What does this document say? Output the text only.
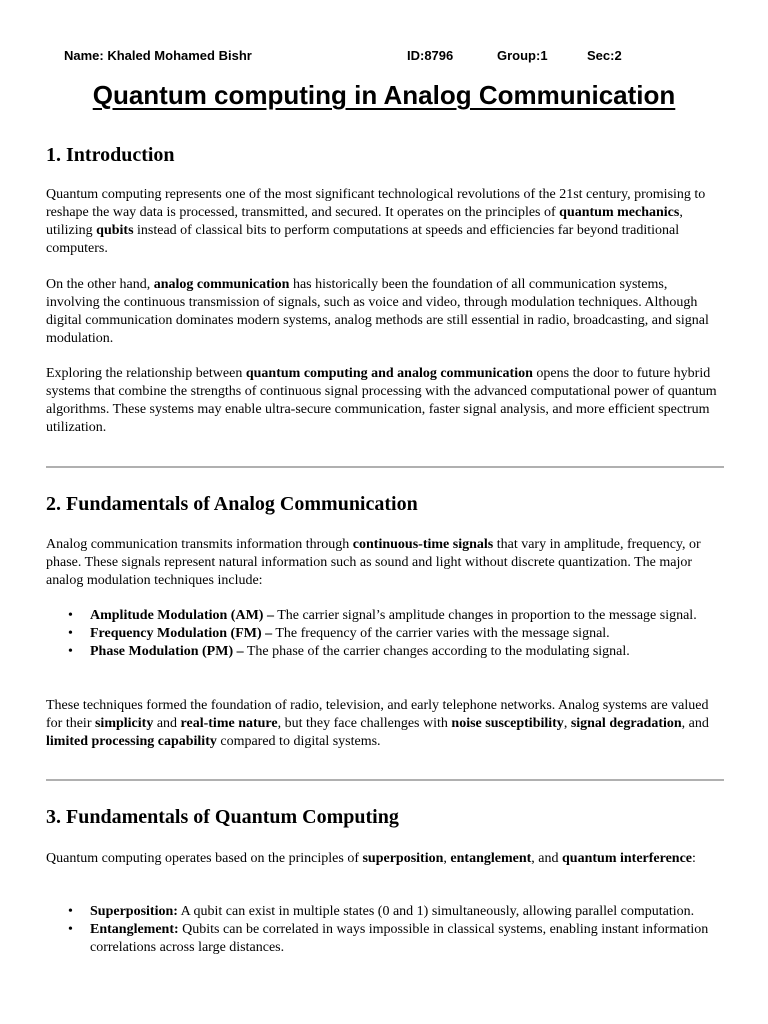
Name: Khaled Mohamed Bishr	ID:8796	Group:1	Sec:2
Quantum computing in Analog Communication
1. Introduction

Quantum computing represents one of the most significant technological revolutions of the 21st century, promising to reshape the way data is processed, transmitted, and secured. It operates on the principles of quantum mechanics, utilizing qubits instead of classical bits to perform computations at speeds and efficiencies far beyond traditional computers.

On the other hand, analog communication has historically been the foundation of all communication systems, involving the continuous transmission of signals, such as voice and video, through modulation techniques. Although digital communication dominates modern systems, analog methods are still essential in radio, broadcasting, and signal modulation.

Exploring the relationship between quantum computing and analog communication opens the door to future hybrid systems that combine the strengths of continuous signal processing with the advanced computational power of quantum algorithms. These systems may enable ultra-secure communication, faster signal analysis, and more efficient spectrum utilization.

2. Fundamentals of Analog Communication

Analog communication transmits information through continuous-time signals that vary in amplitude, frequency, or phase. These signals represent natural information such as sound and light without discrete quantization. The major analog modulation techniques include:

• Amplitude Modulation (AM) – The carrier signal’s amplitude changes in proportion to the message signal.
• Frequency Modulation (FM) – The frequency of the carrier varies with the message signal.
• Phase Modulation (PM) – The phase of the carrier changes according to the modulating signal.

These techniques formed the foundation of radio, television, and early telephone networks. Analog systems are valued for their simplicity and real-time nature, but they face challenges with noise susceptibility, signal degradation, and limited processing capability compared to digital systems.

3. Fundamentals of Quantum Computing

Quantum computing operates based on the principles of superposition, entanglement, and quantum interference:

• Superposition: A qubit can exist in multiple states (0 and 1) simultaneously, allowing parallel computation.
• Entanglement: Qubits can be correlated in ways impossible in classical systems, enabling instant information correlations across large distances.
